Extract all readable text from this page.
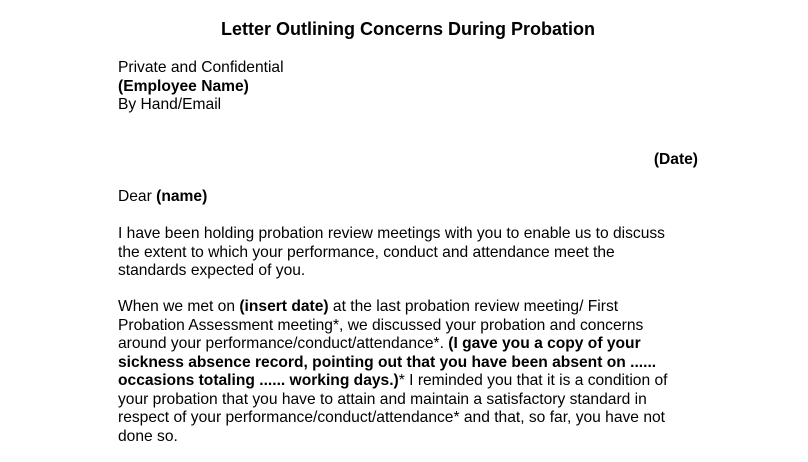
Letter Outlining Concerns During Probation
Private and Confidential
(Employee Name)
By Hand/Email
(Date)
Dear (name)
I have been holding probation review meetings with you to enable us to discuss
the extent to which your performance, conduct and attendance meet the
standards expected of you.
When we met on (insert date) at the last probation review meeting/ First
Probation Assessment meeting*, we discussed your probation and concerns
around your performance/conduct/attendance*. (I gave you a copy of your
sickness absence record, pointing out that you have been absent on ......
occasions totaling ...... working days.)* I reminded you that it is a condition of
your probation that you have to attain and maintain a satisfactory standard in
respect of your performance/conduct/attendance* and that, so far, you have not
done so.
